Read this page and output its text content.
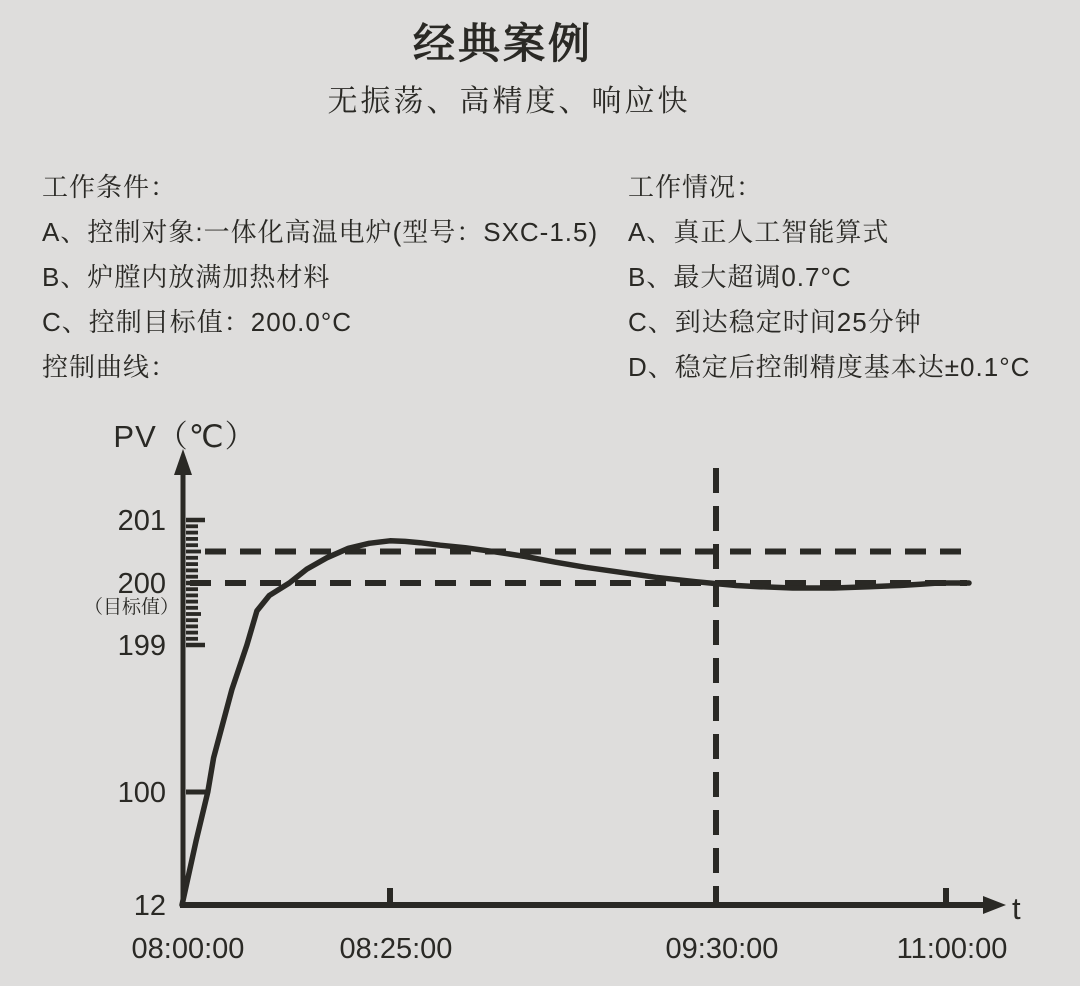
经典案例
无振荡、高精度、响应快
工作条件：
A、控制对象:一体化高温电炉(型号：SXC-1.5)
B、炉膛内放满加热材料
C、控制目标值：200.0°C
控制曲线：
工作情况：
A、真正人工智能算式
B、最大超调0.7°C
C、到达稳定时间25分钟
D、稳定后控制精度基本达±0.1°C
08:00:00	08:25:00	09:30:00	11:00:00
12
100
199
200
201
（目标值）
PV（℃）
t
